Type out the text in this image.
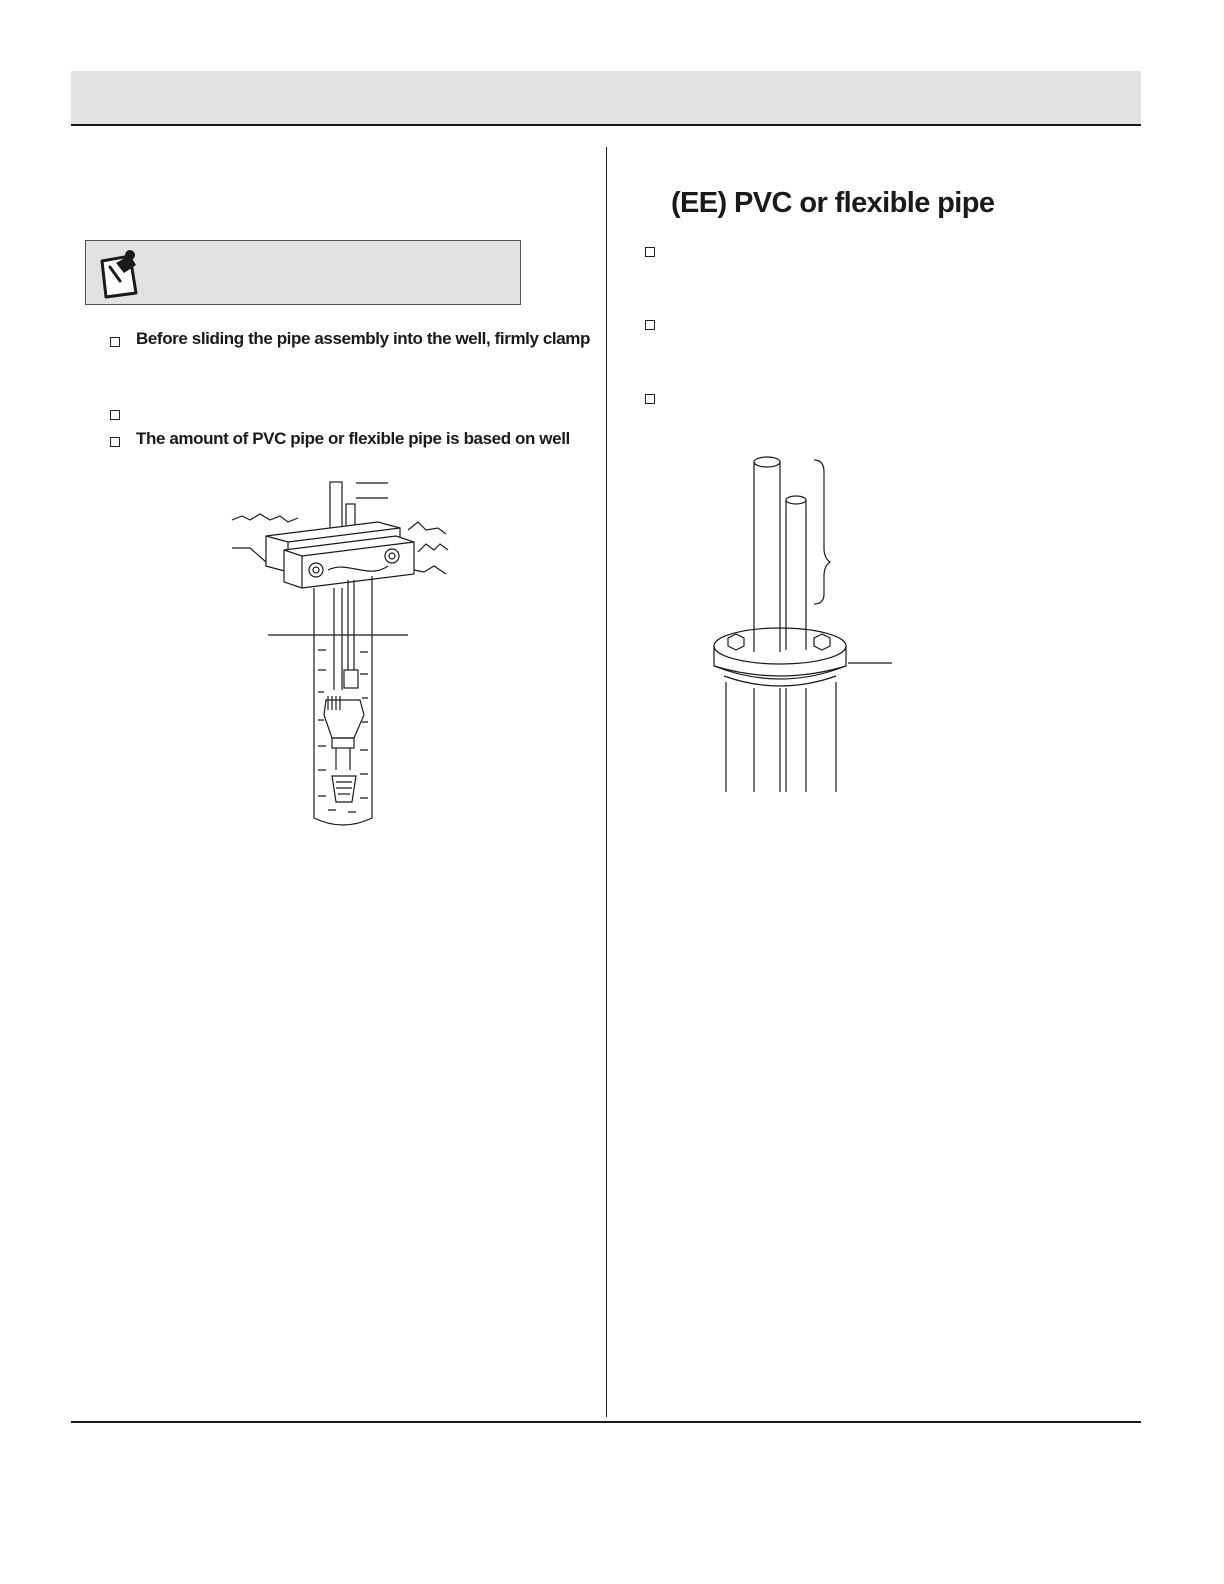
Before sliding the pipe assembly into the well, firmly clamp
The amount of PVC pipe or flexible pipe is based on well
(EE) PVC or flexible pipe
